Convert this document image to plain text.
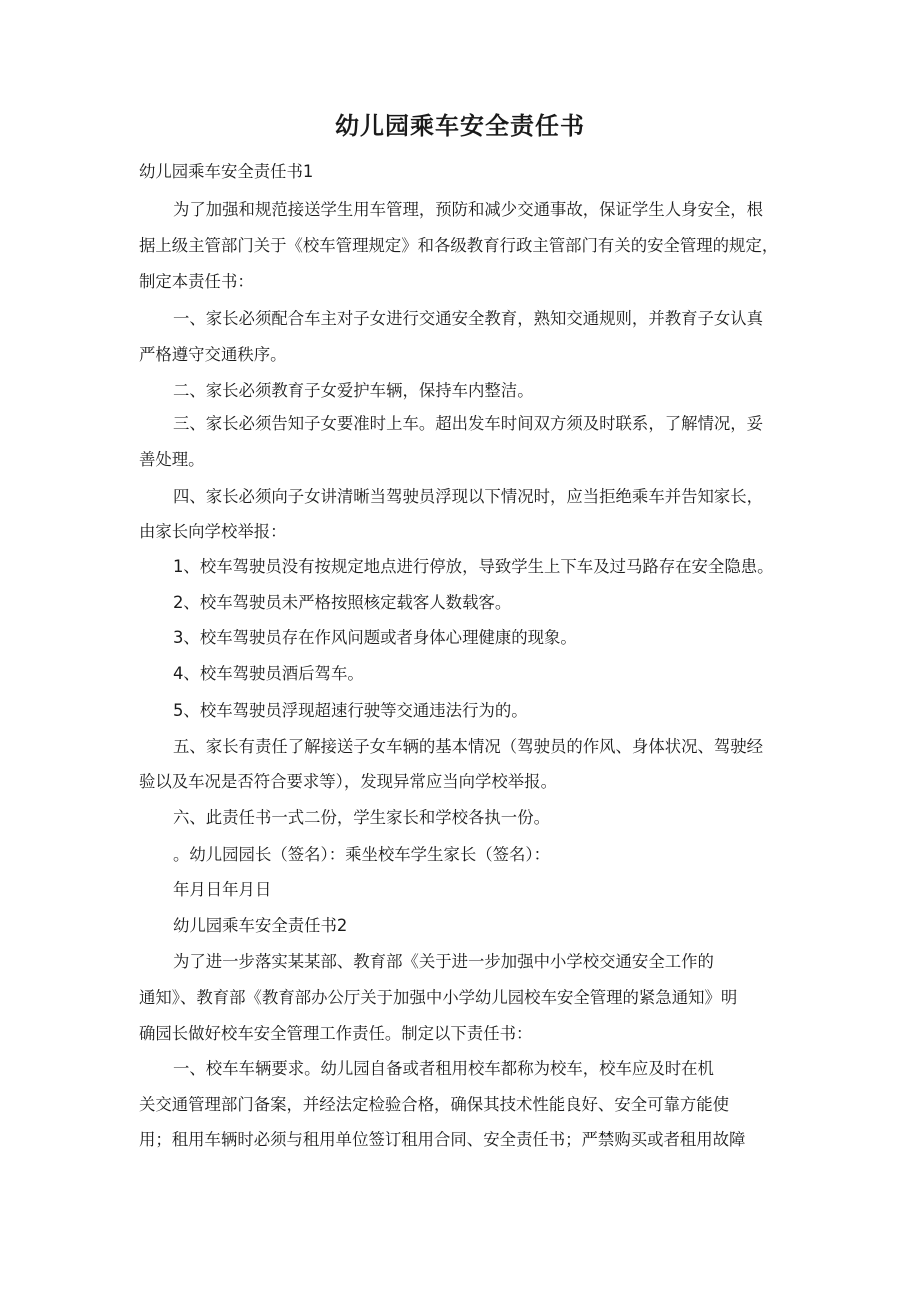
幼儿园乘车安全责任书
幼儿园乘车安全责任书1
为了加强和规范接送学生用车管理，预防和减少交通事故，保证学生人身安全，根
据上级主管部门关于《校车管理规定》和各级教育行政主管部门有关的安全管理的规定，
制定本责任书：
一、家长必须配合车主对子女进行交通安全教育，熟知交通规则，并教育子女认真
严格遵守交通秩序。
二、家长必须教育子女爱护车辆，保持车内整洁。
三、家长必须告知子女要准时上车。超出发车时间双方须及时联系，了解情况，妥
善处理。
四、家长必须向子女讲清晰当驾驶员浮现以下情况时，应当拒绝乘车并告知家长，
由家长向学校举报：
1、校车驾驶员没有按规定地点进行停放，导致学生上下车及过马路存在安全隐患。
2、校车驾驶员未严格按照核定载客人数载客。
3、校车驾驶员存在作风问题或者身体心理健康的现象。
4、校车驾驶员酒后驾车。
5、校车驾驶员浮现超速行驶等交通违法行为的。
五、家长有责任了解接送子女车辆的基本情况（驾驶员的作风、身体状况、驾驶经
验以及车况是否符合要求等），发现异常应当向学校举报。
六、此责任书一式二份，学生家长和学校各执一份。
。幼儿园园长（签名）：乘坐校车学生家长（签名）：
年月日年月日
幼儿园乘车安全责任书2
为了进一步落实某某部、教育部《关于进一步加强中小学校交通安全工作的
通知》、教育部《教育部办公厅关于加强中小学幼儿园校车安全管理的紧急通知》明
确园长做好校车安全管理工作责任。制定以下责任书：
一、校车车辆要求。幼儿园自备或者租用校车都称为校车，校车应及时在机
关交通管理部门备案，并经法定检验合格，确保其技术性能良好、安全可靠方能使
用；租用车辆时必须与租用单位签订租用合同、安全责任书；严禁购买或者租用故障
